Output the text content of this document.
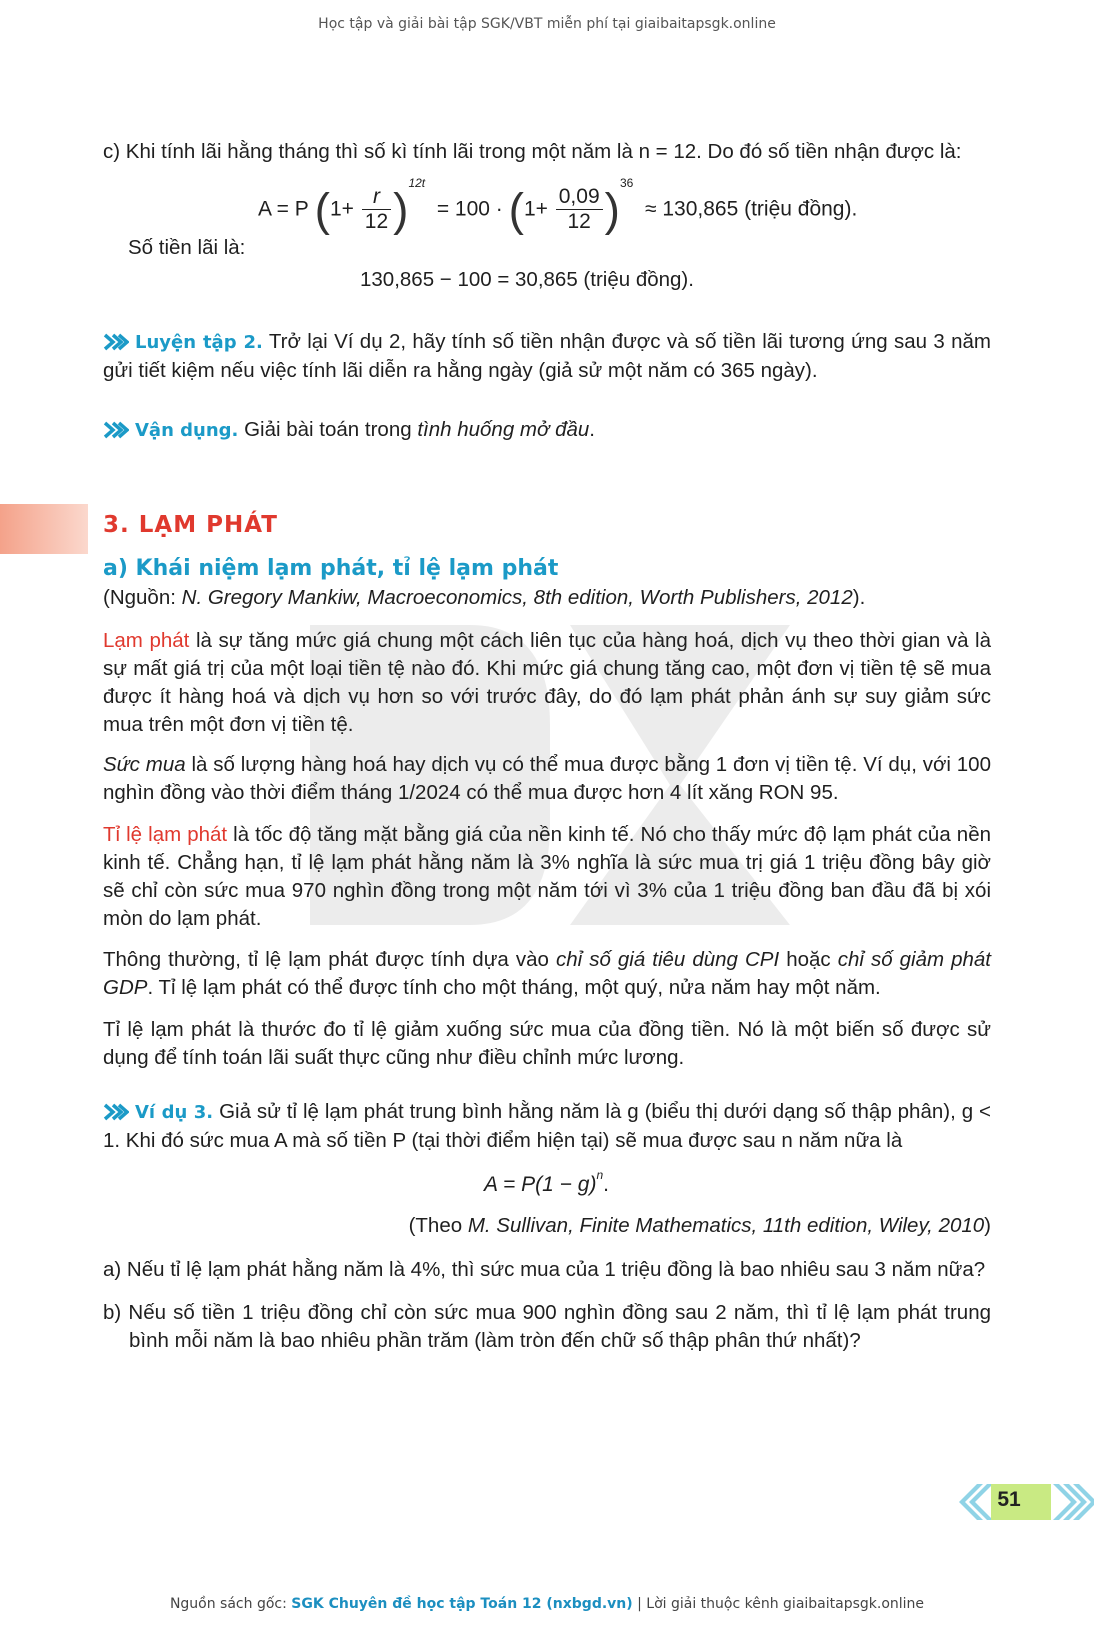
Học tập và giải bài tập SGK/VBT miễn phí tại giaibaitapsgk.online
c) Khi tính lãi hằng tháng thì số kì tính lãi trong một năm là n = 12. Do đó số tiền nhận được là:
A = P $(1+ \frac{r}{12} )^{12t} = 100 \cdot (1+ \frac{0,09}{12} )^{36} \approx 130,865$ (triệu đồng).
Số tiền lãi là:
130,865 − 100 = 30,865 (triệu đồng).
Luyện tập 2. Trở lại Ví dụ 2, hãy tính số tiền nhận được và số tiền lãi tương ứng sau 3 năm gửi tiết kiệm nếu việc tính lãi diễn ra hằng ngày (giả sử một năm có 365 ngày).
Vận dụng. Giải bài toán trong tình huống mở đầu.
3. LẠM PHÁT
a) Khái niệm lạm phát, tỉ lệ lạm phát
(Nguồn: N. Gregory Mankiw, Macroeconomics, 8th edition, Worth Publishers, 2012).
Lạm phát là sự tăng mức giá chung một cách liên tục của hàng hoá, dịch vụ theo thời gian và là sự mất giá trị của một loại tiền tệ nào đó. Khi mức giá chung tăng cao, một đơn vị tiền tệ sẽ mua được ít hàng hoá và dịch vụ hơn so với trước đây, do đó lạm phát phản ánh sự suy giảm sức mua trên một đơn vị tiền tệ.
Sức mua là số lượng hàng hoá hay dịch vụ có thể mua được bằng 1 đơn vị tiền tệ. Ví dụ, với 100 nghìn đồng vào thời điểm tháng 1/2024 có thể mua được hơn 4 lít xăng RON 95.
Tỉ lệ lạm phát là tốc độ tăng mặt bằng giá của nền kinh tế. Nó cho thấy mức độ lạm phát của nền kinh tế. Chẳng hạn, tỉ lệ lạm phát hằng năm là 3% nghĩa là sức mua trị giá 1 triệu đồng bây giờ sẽ chỉ còn sức mua 970 nghìn đồng trong một năm tới vì 3% của 1 triệu đồng ban đầu đã bị xói mòn do lạm phát.
Thông thường, tỉ lệ lạm phát được tính dựa vào chỉ số giá tiêu dùng CPI hoặc chỉ số giảm phát GDP. Tỉ lệ lạm phát có thể được tính cho một tháng, một quý, nửa năm hay một năm.
Tỉ lệ lạm phát là thước đo tỉ lệ giảm xuống sức mua của đồng tiền. Nó là một biến số được sử dụng để tính toán lãi suất thực cũng như điều chỉnh mức lương.
Ví dụ 3. Giả sử tỉ lệ lạm phát trung bình hằng năm là g (biểu thị dưới dạng số thập phân), g < 1. Khi đó sức mua A mà số tiền P (tại thời điểm hiện tại) sẽ mua được sau n năm nữa là
$A = P(1 - g)^n$.
(Theo M. Sullivan, Finite Mathematics, 11th edition, Wiley, 2010)
a) Nếu tỉ lệ lạm phát hằng năm là 4%, thì sức mua của 1 triệu đồng là bao nhiêu sau 3 năm nữa?
b) Nếu số tiền 1 triệu đồng chỉ còn sức mua 900 nghìn đồng sau 2 năm, thì tỉ lệ lạm phát trung bình mỗi năm là bao nhiêu phần trăm (làm tròn đến chữ số thập phân thứ nhất)?
51
Nguồn sách gốc: SGK Chuyên đề học tập Toán 12 (nxbgd.vn) | Lời giải thuộc kênh giaibaitapsgk.online
